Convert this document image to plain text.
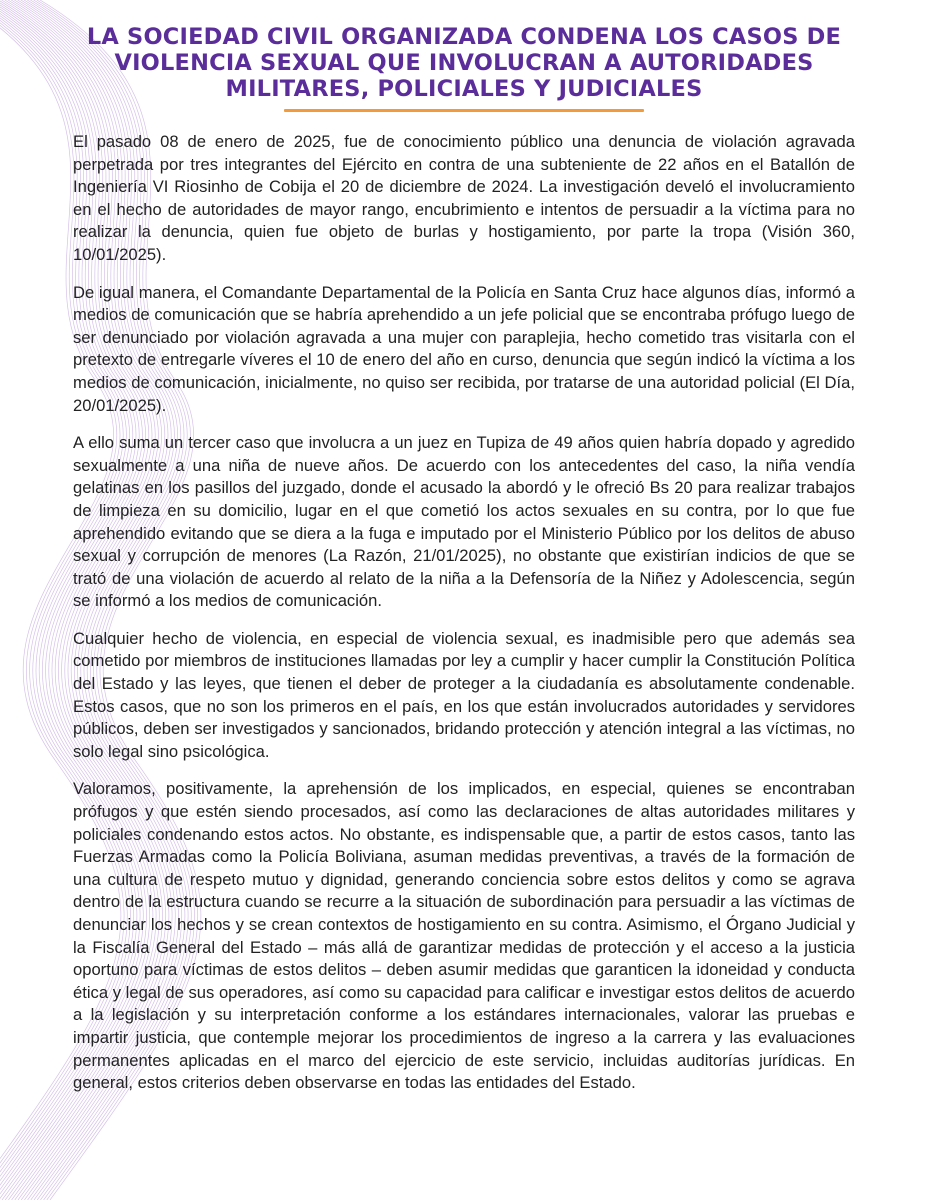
LA SOCIEDAD CIVIL ORGANIZADA CONDENA LOS CASOS DE VIOLENCIA SEXUAL QUE INVOLUCRAN A AUTORIDADES MILITARES, POLICIALES Y JUDICIALES

El pasado 08 de enero de 2025, fue de conocimiento público una denuncia de violación agravada perpetrada por tres integrantes del Ejército en contra de una subteniente de 22 años en el Batallón de Ingeniería VI Riosinho de Cobija el 20 de diciembre de 2024. La investigación develó el involucramiento en el hecho de autoridades de mayor rango, encubrimiento e intentos de persuadir a la víctima para no realizar la denuncia, quien fue objeto de burlas y hostigamiento, por parte la tropa (Visión 360, 10/01/2025).

De igual manera, el Comandante Departamental de la Policía en Santa Cruz hace algunos días, informó a medios de comunicación que se habría aprehendido a un jefe policial que se encontraba prófugo luego de ser denunciado por violación agravada a una mujer con paraplejia, hecho cometido tras visitarla con el pretexto de entregarle víveres el 10 de enero del año en curso, denuncia que según indicó la víctima a los medios de comunicación, inicialmente, no quiso ser recibida, por tratarse de una autoridad policial (El Día, 20/01/2025).

A ello suma un tercer caso que involucra a un juez en Tupiza de 49 años quien habría dopado y agredido sexualmente a una niña de nueve años. De acuerdo con los antecedentes del caso, la niña vendía gelatinas en los pasillos del juzgado, donde el acusado la abordó y le ofreció Bs 20 para realizar trabajos de limpieza en su domicilio, lugar en el que cometió los actos sexuales en su contra, por lo que fue aprehendido evitando que se diera a la fuga e imputado por el Ministerio Público por los delitos de abuso sexual y corrupción de menores (La Razón, 21/01/2025), no obstante que existirían indicios de que se trató de una violación de acuerdo al relato de la niña a la Defensoría de la Niñez y Adolescencia, según se informó a los medios de comunicación.

Cualquier hecho de violencia, en especial de violencia sexual, es inadmisible pero que además sea cometido por miembros de instituciones llamadas por ley a cumplir y hacer cumplir la Constitución Política del Estado y las leyes, que tienen el deber de proteger a la ciudadanía es absolutamente condenable. Estos casos, que no son los primeros en el país, en los que están involucrados autoridades y servidores públicos, deben ser investigados y sancionados, bridando protección y atención integral a las víctimas, no solo legal sino psicológica.

Valoramos, positivamente, la aprehensión de los implicados, en especial, quienes se encontraban prófugos y que estén siendo procesados, así como las declaraciones de altas autoridades militares y policiales condenando estos actos. No obstante, es indispensable que, a partir de estos casos, tanto las Fuerzas Armadas como la Policía Boliviana, asuman medidas preventivas, a través de la formación de una cultura de respeto mutuo y dignidad, generando conciencia sobre estos delitos y como se agrava dentro de la estructura cuando se recurre a la situación de subordinación para persuadir a las víctimas de denunciar los hechos y se crean contextos de hostigamiento en su contra. Asimismo, el Órgano Judicial y la Fiscalía General del Estado – más allá de garantizar medidas de protección y el acceso a la justicia oportuno para víctimas de estos delitos – deben asumir medidas que garanticen la idoneidad y conducta ética y legal de sus operadores, así como su capacidad para calificar e investigar estos delitos de acuerdo a la legislación y su interpretación conforme a los estándares internacionales, valorar las pruebas e impartir justicia, que contemple mejorar los procedimientos de ingreso a la carrera y las evaluaciones permanentes aplicadas en el marco del ejercicio de este servicio, incluidas auditorías jurídicas. En general, estos criterios deben observarse en todas las entidades del Estado.
